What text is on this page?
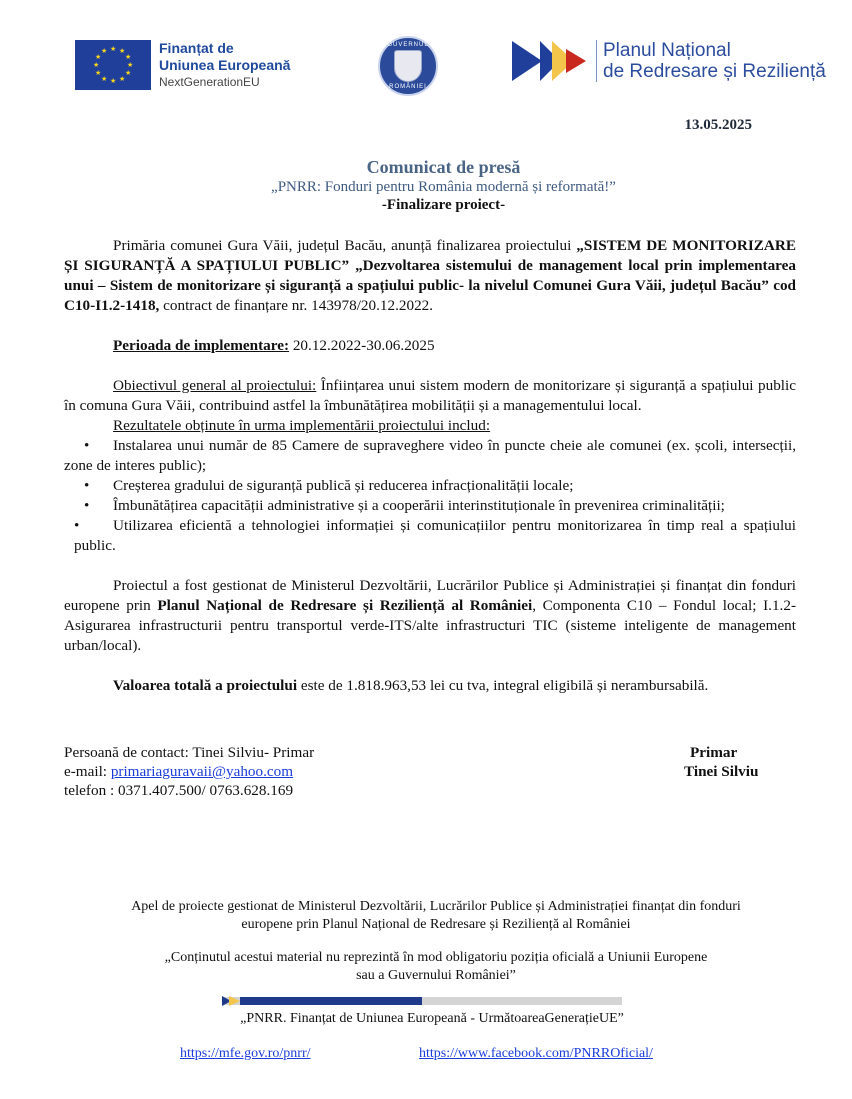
★ ★
★
★
★
★
★
★
★
★
★
★	Finanțat de
Uniunea Europeană
NextGenerationEU
GUVERNUL
ROMÂNIEI
Planul Național
de Redresare și Reziliență
13.05.2025
Comunicat de presă
„PNRR: Fonduri pentru România modernă și reformată!”
-Finalizare proiect-

Primăria comunei Gura Văii, județul Bacău, anunță finalizarea proiectului „SISTEM DE MONITORIZARE ȘI SIGURANȚĂ A SPAȚIULUI PUBLIC” „Dezvoltarea sistemului de management local prin implementarea unui – Sistem de monitorizare și siguranță a spațiului public- la nivelul Comunei Gura Văii, județul Bacău” cod C10-I1.2-1418, contract de finanțare nr. 143978/20.12.2022.

Perioada de implementare: 20.12.2022-30.06.2025

Obiectivul general al proiectului: Înființarea unui sistem modern de monitorizare și siguranță a spațiului public în comuna Gura Văii, contribuind astfel la îmbunătățirea mobilității și a managementului local.

Rezultatele obținute în urma implementării proiectului includ:

• Instalarea unui număr de 85 Camere de supraveghere video în puncte cheie ale comunei (ex. școli, intersecții, zone de interes public);
• Creșterea gradului de siguranță publică și reducerea infracționalității locale;
• Îmbunătățirea capacității administrative și a cooperării interinstituționale în prevenirea criminalității;
• Utilizarea eficientă a tehnologiei informației și comunicațiilor pentru monitorizarea în timp real a spațiului public.

Proiectul a fost gestionat de Ministerul Dezvoltării, Lucrărilor Publice și Administrației și finanțat din fonduri europene prin Planul Național de Redresare și Reziliență al României, Componenta C10 – Fondul local; I.1.2- Asigurarea infrastructurii pentru transportul verde-ITS/alte infrastructuri TIC (sisteme inteligente de management urban/local).

Valoarea totală a proiectului este de 1.818.963,53 lei cu tva, integral eligibilă și nerambursabilă.

Persoană de contact: Tinei Silviu- Primar
e-mail: primariaguravaii@yahoo.com
telefon : 0371.407.500/ 0763.628.169
Primar
Tinei Silviu
Apel de proiecte gestionat de Ministerul Dezvoltării, Lucrărilor Publice și Administrației finanțat din fonduri
europene prin Planul Național de Redresare și Reziliență al României
„Conținutul acestui material nu reprezintă în mod obligatoriu poziția oficială a Uniunii Europene
sau a Guvernului României”
„PNRR. Finanțat de Uniunea Europeană - UrmătoareaGenerațieUE”
https://mfe.gov.ro/pnrr/	https://www.facebook.com/PNRROficial/
